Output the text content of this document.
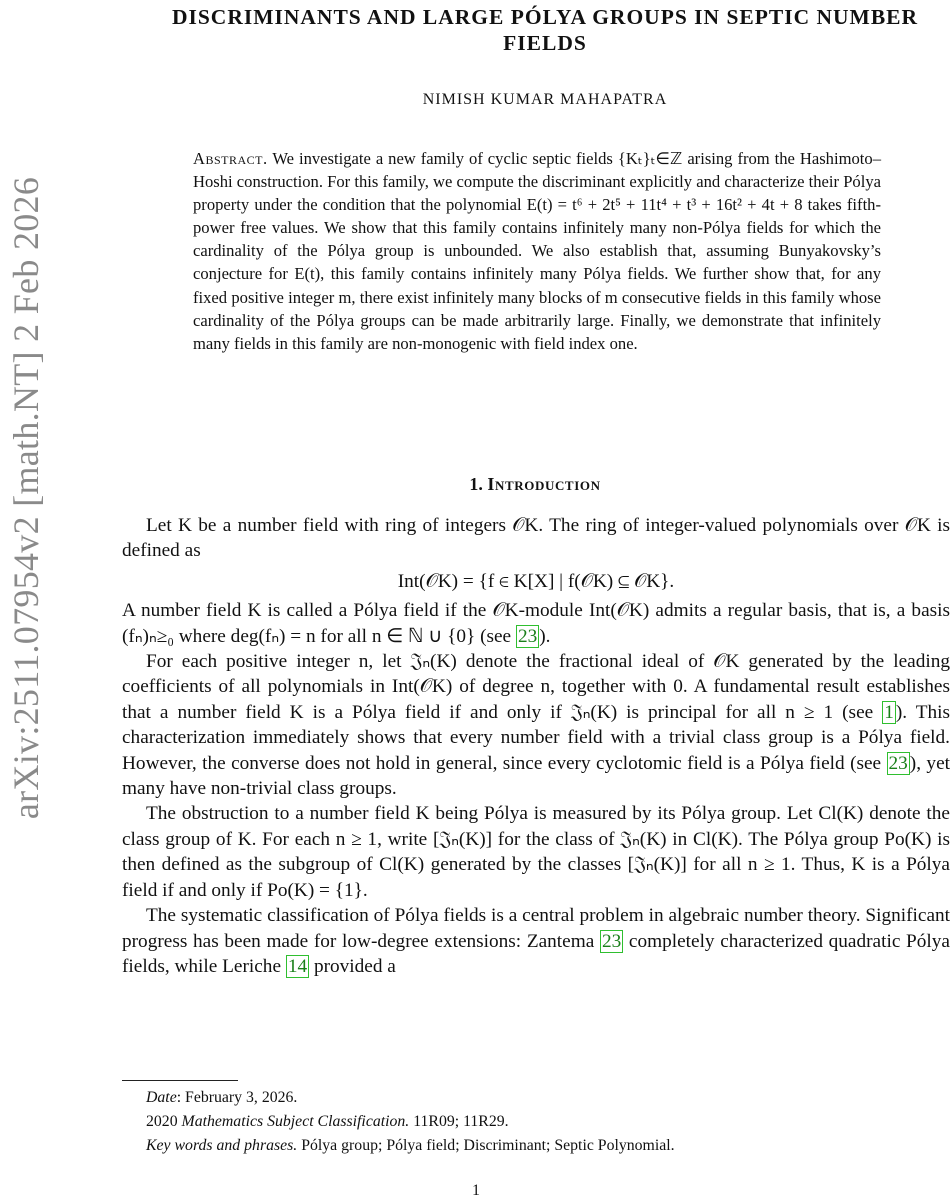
arXiv:2511.07954v2 [math.NT] 2 Feb 2026
DISCRIMINANTS AND LARGE PÓLYA GROUPS IN SEPTIC NUMBER FIELDS

NIMISH KUMAR MAHAPATRA

Abstract. We investigate a new family of cyclic septic fields {Kₜ}ₜ∈ℤ arising from the Hashimoto–Hoshi construction. For this family, we compute the discriminant explicitly and characterize their Pólya property under the condition that the polynomial E(t) = t⁶ + 2t⁵ + 11t⁴ + t³ + 16t² + 4t + 8 takes fifth-power free values. We show that this family contains infinitely many non-Pólya fields for which the cardinality of the Pólya group is unbounded. We also establish that, assuming Bunyakovsky’s conjecture for E(t), this family contains infinitely many Pólya fields. We further show that, for any fixed positive integer m, there exist infinitely many blocks of m consecutive fields in this family whose cardinality of the Pólya groups can be made arbitrarily large. Finally, we demonstrate that infinitely many fields in this family are non-monogenic with field index one.

1. Introduction

Let K be a number field with ring of integers 𝒪K. The ring of integer-valued polynomials over 𝒪K is defined as

Int(𝒪K) = {f ∈ K[X] | f(𝒪K) ⊆ 𝒪K}.

A number field K is called a Pólya field if the 𝒪K-module Int(𝒪K) admits a regular basis, that is, a basis (fₙ)ₙ≥₀ where deg(fₙ) = n for all n ∈ ℕ ∪ {0} (see 23 ).

For each positive integer n, let 𝔍ₙ(K) denote the fractional ideal of 𝒪K generated by the leading coefficients of all polynomials in Int(𝒪K) of degree n, together with 0. A fundamental result establishes that a number field K is a Pólya field if and only if 𝔍ₙ(K) is principal for all n ≥ 1 (see 1 ). This characterization immediately shows that every number field with a trivial class group is a Pólya field. However, the converse does not hold in general, since every cyclotomic field is a Pólya field (see 23 ), yet many have non-trivial class groups.

The obstruction to a number field K being Pólya is measured by its Pólya group. Let Cl(K) denote the class group of K. For each n ≥ 1, write [𝔍ₙ(K)] for the class of 𝔍ₙ(K) in Cl(K). The Pólya group Po(K) is then defined as the subgroup of Cl(K) generated by the classes [𝔍ₙ(K)] for all n ≥ 1. Thus, K is a Pólya field if and only if Po(K) = {1}.

The systematic classification of Pólya fields is a central problem in algebraic number theory. Significant progress has been made for low-degree extensions: Zantema 23 completely characterized quadratic Pólya fields, while Leriche 14 provided a

Date: February 3, 2026.
2020 Mathematics Subject Classification. 11R09; 11R29.
Key words and phrases. Pólya group; Pólya field; Discriminant; Septic Polynomial.
1
